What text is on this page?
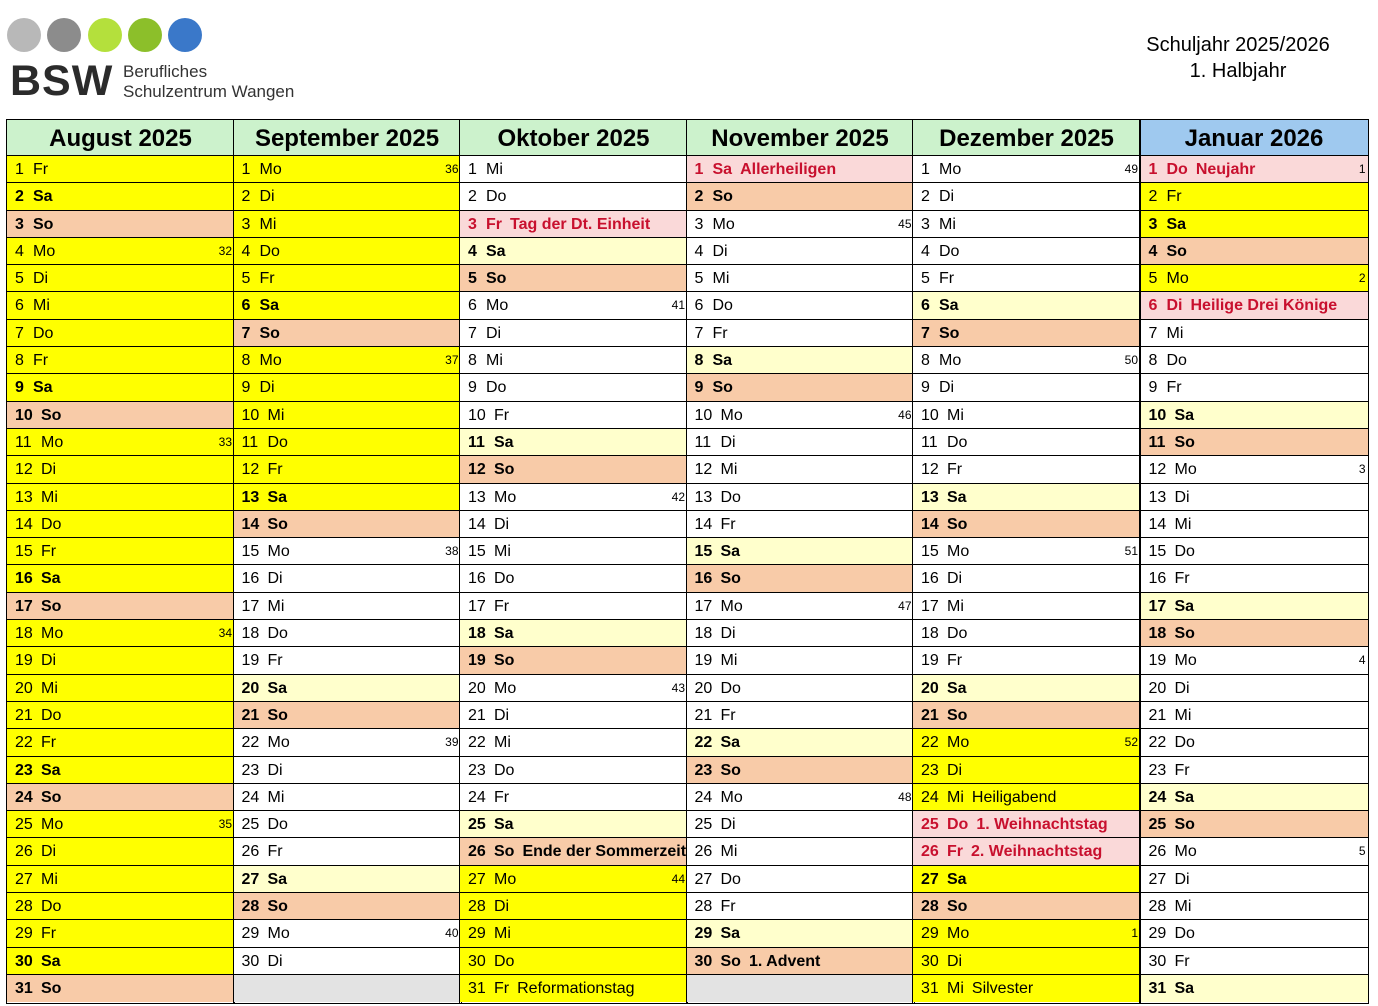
BSW Berufliches
Schulzentrum Wangen
Schuljahr 2025/2026
1. Halbjahr
August 2025
1Fr
2Sa
3So
4Mo	32
5Di
6Mi
7Do
8Fr
9Sa
10 So
11 Mo	33
12 Di
13 Mi
14 Do
15 Fr
16 Sa
17 So
18 Mo	34
19 Di
20 Mi
21 Do
22 Fr
23 Sa
24 So
25 Mo	35
26 Di
27 Mi
28 Do
29 Fr
30 Sa
31 So
September 2025
1Mo	36
2Di
3Mi
4Do
5Fr
6Sa
7So
8Mo	37
9Di
10 Mi
11 Do
12 Fr
13 Sa
14 So
15 Mo	38
16 Di
17 Mi
18 Do
19 Fr
20 Sa
21 So
22 Mo	39
23 Di
24 Mi
25 Do
26 Fr
27 Sa
28 So
29 Mo	40
30 Di
Oktober 2025
1Mi
2Do
3Fr Tag der Dt. Einheit
4Sa
5So
6Mo	41
7Di
8Mi
9Do
10 Fr
11 Sa
12 So
13 Mo	42
14 Di
15 Mi
16 Do
17 Fr
18 Sa
19 So
20 Mo	43
21 Di
22 Mi
23 Do
24 Fr
25 Sa
26 So Ende der Sommerzeit
27 Mo	44
28 Di
29 Mi
30 Do
31 Fr Reformationstag
November 2025
1Sa Allerheiligen
2So
3Mo	45
4Di
5Mi
6Do
7Fr
8Sa
9So
10 Mo	46
11 Di
12 Mi
13 Do
14 Fr
15 Sa
16 So
17 Mo	47
18 Di
19 Mi
20 Do
21 Fr
22 Sa
23 So
24 Mo	48
25 Di
26 Mi
27 Do
28 Fr
29 Sa
30 So 1. Advent
Dezember 2025
1Mo	49
2Di
3Mi
4Do
5Fr
6Sa
7So
8Mo	50
9Di
10 Mi
11 Do
12 Fr
13 Sa
14 So
15 Mo	51
16 Di
17 Mi
18 Do
19 Fr
20 Sa
21 So
22 Mo	52
23 Di
24 Mi Heiligabend
25 Do 1. Weihnachtstag
26 Fr 2. Weihnachtstag
27 Sa
28 So
29 Mo	1
30 Di
31 Mi Silvester
Januar 2026
1Do Neujahr	1
2Fr
3Sa
4So
5Mo	2
6Di Heilige Drei Könige
7Mi
8Do
9Fr
10 Sa
11 So
12 Mo	3
13 Di
14 Mi
15 Do
16 Fr
17 Sa
18 So
19 Mo	4
20 Di
21 Mi
22 Do
23 Fr
24 Sa
25 So
26 Mo	5
27 Di
28 Mi
29 Do
30 Fr
31 Sa
